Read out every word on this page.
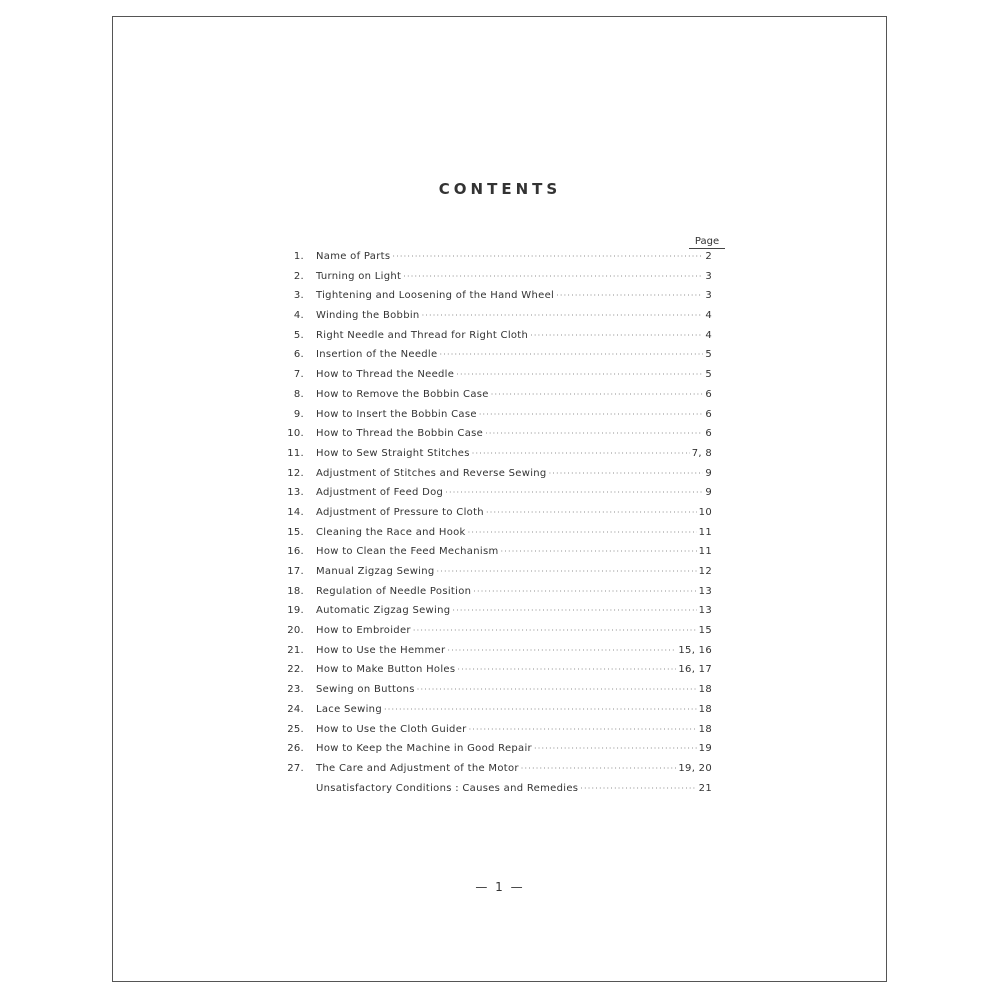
CONTENTS
Page
1.	Name of Parts ·····	2
2.	Turning on Light ·····	3
3.	Tightening and Loosening of the Hand Wheel ·····	3
4.	Winding the Bobbin ·····	4
5.	Right Needle and Thread for Right Cloth ·····	4
6.	Insertion of the Needle ·····	5
7.	How to Thread the Needle ·····	5
8.	How to Remove the Bobbin Case ·····	6
9.	How to Insert the Bobbin Case ·····	6
10.	How to Thread the Bobbin Case ·····	6
11.	How to Sew Straight Stitches ·····	7, 8
12.	Adjustment of Stitches and Reverse Sewing ·····	9
13.	Adjustment of Feed Dog ·····	9
14.	Adjustment of Pressure to Cloth ·····	10
15.	Cleaning the Race and Hook ·····	11
16.	How to Clean the Feed Mechanism ·····	11
17.	Manual Zigzag Sewing ·····	12
18.	Regulation of Needle Position ·····	13
19.	Automatic Zigzag Sewing ·····	13
20.	How to Embroider ·····	15
21.	How to Use the Hemmer ·····	15, 16
22.	How to Make Button Holes ·····	16, 17
23.	Sewing on Buttons ·····	18
24.	Lace Sewing ·····	18
25.	How to Use the Cloth Guider ·····	18
26.	How to Keep the Machine in Good Repair ·····	19
27.	The Care and Adjustment of the Motor ·····	19, 20
Unsatisfactory Conditions : Causes and Remedies ·····	21
— 1 —
